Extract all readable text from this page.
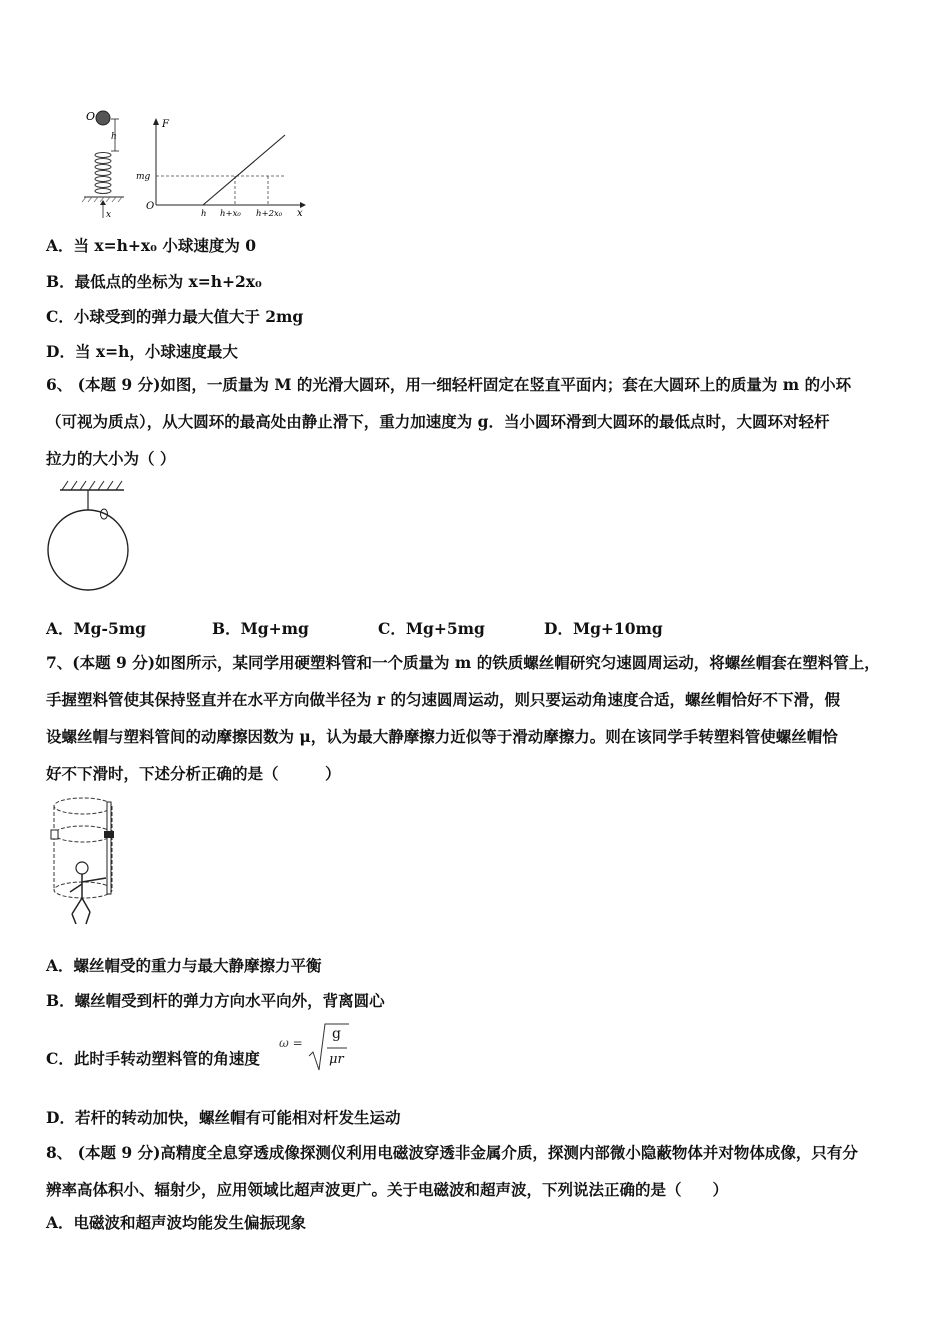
O
h
x
F
x
O
mg
h h+x₀ h+2x₀
A．当 x=h+x₀ 小球速度为 0
B．最低点的坐标为 x=h+2x₀
C．小球受到的弹力最大值大于 2mg
D．当 x=h，小球速度最大
6、 (本题 9 分)如图，一质量为 M 的光滑大圆环，用一细轻杆固定在竖直平面内；套在大圆环上的质量为 m 的小环
（可视为质点），从大圆环的最高处由静止滑下，重力加速度为 g．当小圆环滑到大圆环的最低点时，大圆环对轻杆
拉力的大小为（ ）
A．Mg-5mg	B．Mg+mg	C．Mg+5mg	D．Mg+10mg
7、(本题 9 分)如图所示，某同学用硬塑料管和一个质量为 m 的铁质螺丝帽研究匀速圆周运动，将螺丝帽套在塑料管上，
手握塑料管使其保持竖直并在水平方向做半径为 r 的匀速圆周运动，则只要运动角速度合适，螺丝帽恰好不下滑，假
设螺丝帽与塑料管间的动摩擦因数为 μ，认为最大静摩擦力近似等于滑动摩擦力。则在该同学手转塑料管使螺丝帽恰
好不下滑时，下述分析正确的是（　　　）
A．螺丝帽受的重力与最大静摩擦力平衡
B．螺丝帽受到杆的弹力方向水平向外，背离圆心
C．此时手转动塑料管的角速度
ω =
g
μr
D．若杆的转动加快，螺丝帽有可能相对杆发生运动
8、 (本题 9 分)高精度全息穿透成像探测仪利用电磁波穿透非金属介质，探测内部微小隐蔽物体并对物体成像，只有分
辨率高体积小、辐射少，应用领域比超声波更广。关于电磁波和超声波，下列说法正确的是（　　）
A．电磁波和超声波均能发生偏振现象
